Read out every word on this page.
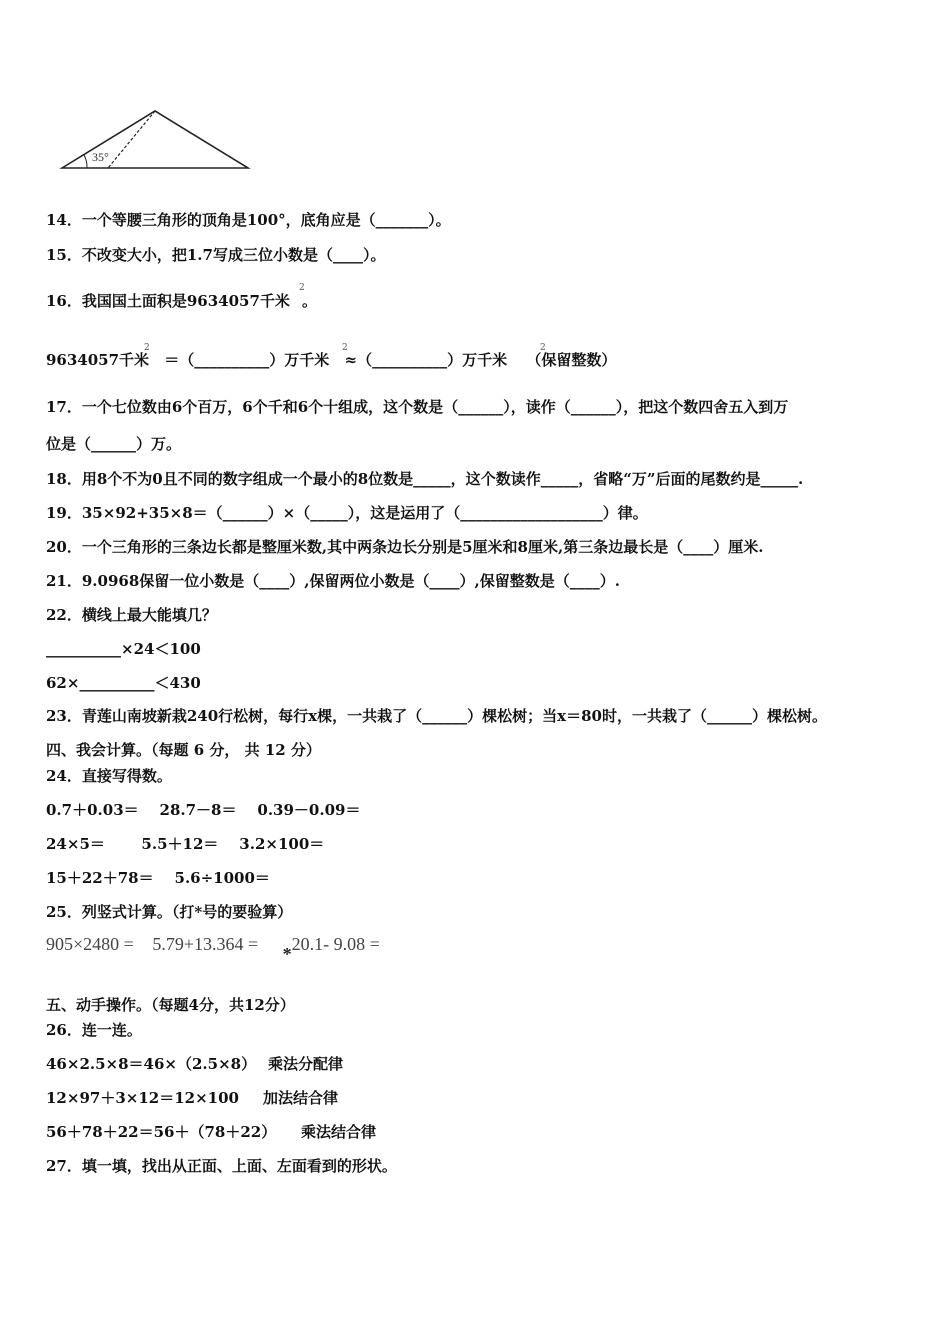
35°
14．一个等腰三角形的顶角是100°，底角应是（_______）。
15．不改变大小，把1.7写成三位小数是（____）。
16．我国国土面积是9634057千米
2
。
9634057千米
2
＝（__________）万千米
2
≈（__________）万千米
2
（保留整数）
17．一个七位数由6个百万，6个千和6个十组成，这个数是（______），读作（______），把这个数四舍五入到万
位是（______）万。
18．用8个不为0且不同的数字组成一个最小的8位数是_____，这个数读作_____，省略“万”后面的尾数约是_____.
19．35×92+35×8＝（______）×（_____），这是运用了（___________________）律。
20．一个三角形的三条边长都是整厘米数,其中两条边长分别是5厘米和8厘米,第三条边最长是（____）厘米.
21．9.0968保留一位小数是（____）,保留两位小数是（____）,保留整数是（____）.
22．横线上最大能填几？
__________×24＜100
62×__________＜430
23．青莲山南坡新栽240行松树，每行x棵，一共栽了（______）棵松树；当x＝80时，一共栽了（______）棵松树。
四、我会计算。（每题 6 分， 共 12 分）
24．直接写得数。
0.7＋0.03＝    28.7－8＝    0.39－0.09＝
24×5＝       5.5＋12＝    3.2×100＝
15＋22＋78＝    5.6÷1000＝
25．列竖式计算。（打*号的要验算）
905×2480 = 5.79+13.364 = *20.1- 9.08 =
五、动手操作。（每题4分，共12分）
26．连一连。
46×2.5×8＝46×（2.5×8） 乘法分配律
12×97＋3×12＝12×100 加法结合律
56＋78＋22＝56＋（78＋22） 乘法结合律
27．填一填，找出从正面、上面、左面看到的形状。
